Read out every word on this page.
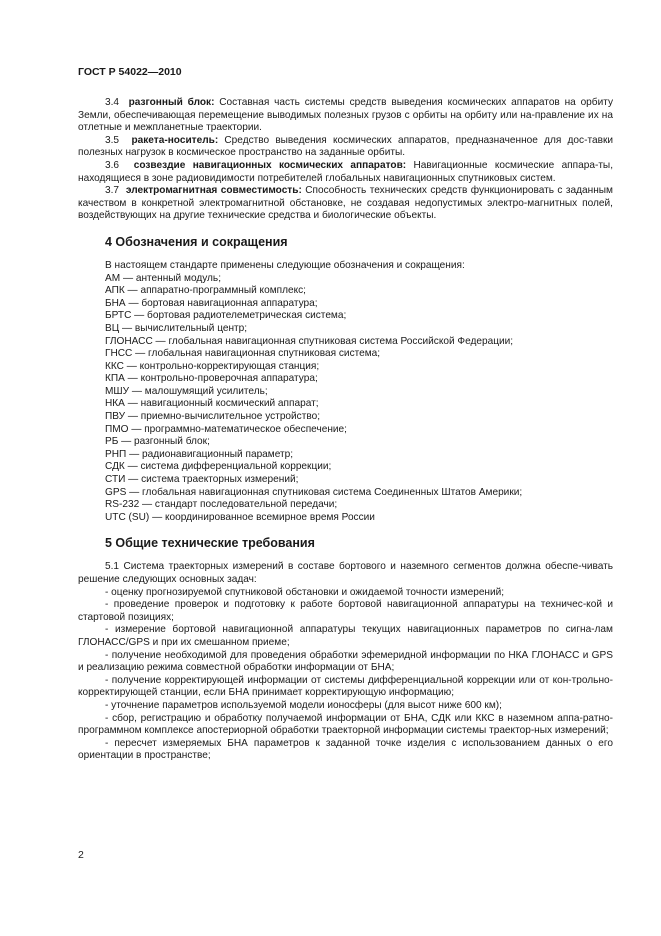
ГОСТ Р 54022—2010

3.4 разгонный блок: Составная часть системы средств выведения космических аппаратов на орбиту Земли, обеспечивающая перемещение выводимых полезных грузов с орбиты на орбиту или на-правление их на отлетные и межпланетные траектории.

3.5 ракета-носитель: Средство выведения космических аппаратов, предназначенное для дос-тавки полезных нагрузок в космическое пространство на заданные орбиты.

3.6 созвездие навигационных космических аппаратов: Навигационные космические аппара-ты, находящиеся в зоне радиовидимости потребителей глобальных навигационных спутниковых систем.

3.7 электромагнитная совместимость: Способность технических средств функционировать с заданным качеством в конкретной электромагнитной обстановке, не создавая недопустимых электро-магнитных полей, воздействующих на другие технические средства и биологические объекты.

4 Обозначения и сокращения

В настоящем стандарте применены следующие обозначения и сокращения:

АМ — антенный модуль;

АПК — аппаратно-программный комплекс;

БНА — бортовая навигационная аппаратура;

БРТС — бортовая радиотелеметрическая система;

ВЦ — вычислительный центр;

ГЛОНАСС — глобальная навигационная спутниковая система Российской Федерации;

ГНСС — глобальная навигационная спутниковая система;

ККС — контрольно-корректирующая станция;

КПА — контрольно-проверочная аппаратура;

МШУ — малошумящий усилитель;

НКА — навигационный космический аппарат;

ПВУ — приемно-вычислительное устройство;

ПМО — программно-математическое обеспечение;

РБ — разгонный блок;

РНП — радионавигационный параметр;

СДК — система дифференциальной коррекции;

СТИ — система траекторных измерений;

GPS — глобальная навигационная спутниковая система Соединенных Штатов Америки;

RS-232 — стандарт последовательной передачи;

UTC (SU) — координированное всемирное время России

5 Общие технические требования

5.1 Система траекторных измерений в составе бортового и наземного сегментов должна обеспе-чивать решение следующих основных задач:

- оценку прогнозируемой спутниковой обстановки и ожидаемой точности измерений;

- проведение проверок и подготовку к работе бортовой навигационной аппаратуры на техничес-кой и стартовой позициях;

- измерение бортовой навигационной аппаратуры текущих навигационных параметров по сигна-лам ГЛОНАСС/GPS и при их смешанном приеме;

- получение необходимой для проведения обработки эфемеридной информации по НКА ГЛОНАСС и GPS и реализацию режима совместной обработки информации от БНА;

- получение корректирующей информации от системы дифференциальной коррекции или от кон-трольно-корректирующей станции, если БНА принимает корректирующую информацию;

- уточнение параметров используемой модели ионосферы (для высот ниже 600 км);

- сбор, регистрацию и обработку получаемой информации от БНА, СДК или ККС в наземном аппа-ратно-программном комплексе апостериорной обработки траекторной информации системы траектор-ных измерений;

- пересчет измеряемых БНА параметров к заданной точке изделия с использованием данных о его ориентации в пространстве;

2
